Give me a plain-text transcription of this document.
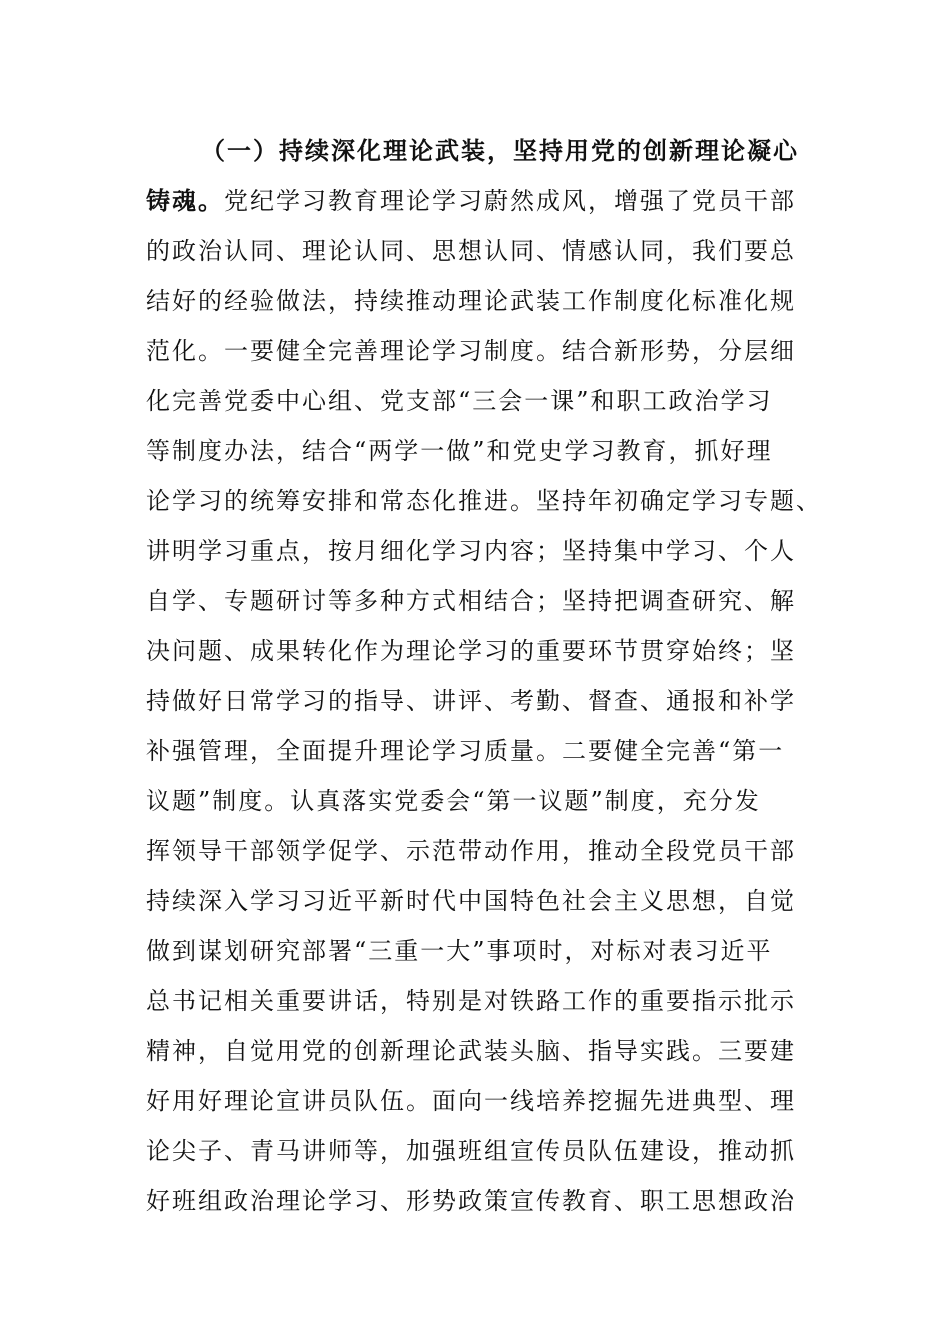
（一）持续深化理论武装，坚持用党的创新理论凝心
铸魂。党纪学习教育理论学习蔚然成风，增强了党员干部
的政治认同、理论认同、思想认同、情感认同，我们要总
结好的经验做法，持续推动理论武装工作制度化标准化规
范化。一要健全完善理论学习制度。结合新形势，分层细
化完善党委中心组、党支部“三会一课”和职工政治学习
等制度办法，结合“两学一做”和党史学习教育，抓好理
论学习的统筹安排和常态化推进。坚持年初确定学习专题、
讲明学习重点，按月细化学习内容；坚持集中学习、个人
自学、专题研讨等多种方式相结合；坚持把调查研究、解
决问题、成果转化作为理论学习的重要环节贯穿始终；坚
持做好日常学习的指导、讲评、考勤、督查、通报和补学
补强管理，全面提升理论学习质量。二要健全完善“第一
议题”制度。认真落实党委会“第一议题”制度，充分发
挥领导干部领学促学、示范带动作用，推动全段党员干部
持续深入学习习近平新时代中国特色社会主义思想，自觉
做到谋划研究部署“三重一大”事项时，对标对表习近平
总书记相关重要讲话，特别是对铁路工作的重要指示批示
精神，自觉用党的创新理论武装头脑、指导实践。三要建
好用好理论宣讲员队伍。面向一线培养挖掘先进典型、理
论尖子、青马讲师等，加强班组宣传员队伍建设，推动抓
好班组政治理论学习、形势政策宣传教育、职工思想政治
